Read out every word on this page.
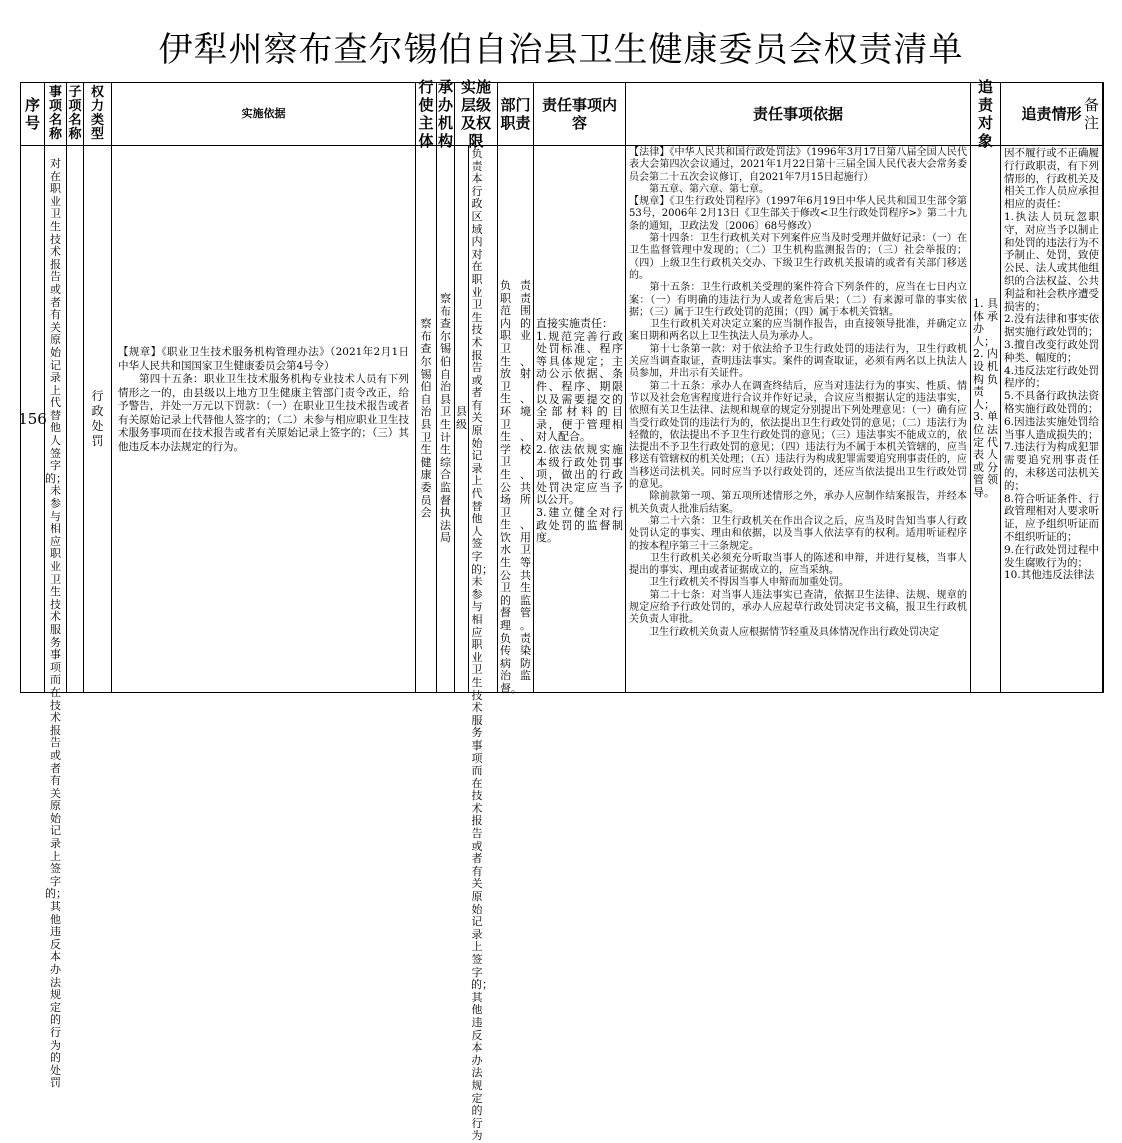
伊犁州察布查尔锡伯自治县卫生健康委员会权责清单
序号
156
事项名称
对在职业卫生技术报告或者有关原始记录上代替他人签字的；未参与相应职业卫生技术服务事项而在技术报告或者有关原始记录上签字的；其他违反本办法规定的行为的处罚
子项名称
权力类型
行政处罚
实施依据
【规章】《职业卫生技术服务机构管理办法》（2021年2月1日中华人民共和国国家卫生健康委员会第4号令）
第四十五条：职业卫生技术服务机构专业技术人员有下列情形之一的，由县级以上地方卫生健康主管部门责令改正，给予警告，并处一万元以下罚款：（一）在职业卫生技术报告或者有关原始记录上代替他人签字的；（二）未参与相应职业卫生技术服务事项而在技术报告或者有关原始记录上签字的；（三）其他违反本办法规定的行为。
行使主体
察布查尔锡伯自治县卫生健康委员会
承办机构
察布查尔锡伯自治县卫生计生综合监督执法局
实施层级及权限
县级
负责本行政区域内对在职业卫生技术报告或者有关原始记录上代替他人签字的；未参与相应职业卫生技术服务事项而在技术报告或者有关原始记录上签字的；其他违反本办法规定的行为
部门职责
负责职责范围内的职业卫生、放射卫生、环境卫生、学校卫生、公共场所卫生、饮用水卫生等公共卫生的监督管理。负责传染病防治监督。
责任事项内容
直接实施责任：
1.规范完善行政处罚标准、程序等具体规定；主动公示依据、条件、程序、期限以及需要提交的全部材料的目录，便于管理相对人配合。
2.依法依规实施本级行政处罚事项，做出的行政处罚决定应当予以公开。
3.建立健全对行政处罚的监督制度。
责任事项依据
【法律】《中华人民共和国行政处罚法》（1996年3月17日第八届全国人民代表大会第四次会议通过，2021年1月22日第十三届全国人民代表大会常务委员会第二十五次会议修订，自2021年7月15日起施行）
　　第五章、第六章、第七章。
【规章】《卫生行政处罚程序》（1997年6月19日中华人民共和国卫生部令第53号，2006年 2月13日《卫生部关于修改<卫生行政处罚程序>》第二十九条的通知，卫政法发〔2006〕68号修改）
　　第十四条：卫生行政机关对下列案件应当及时受理并做好记录：（一）在卫生监督管理中发现的；（二）卫生机构监测报告的；（三）社会举报的；（四）上级卫生行政机关交办、下级卫生行政机关报请的或者有关部门移送的。
　　第十五条：卫生行政机关受理的案件符合下列条件的，应当在七日内立案：（一）有明确的违法行为人或者危害后果；（二）有来源可靠的事实依据；（三）属于卫生行政处罚的范围；（四）属于本机关管辖。
　　卫生行政机关对决定立案的应当制作报告，由直接领导批准，并确定立案日期和两名以上卫生执法人员为承办人。
　　第十七条第一款：对于依法给予卫生行政处罚的违法行为，卫生行政机关应当调查取证，查明违法事实。案件的调查取证，必须有两名以上执法人员参加，并出示有关证件。
　　第二十五条：承办人在调查终结后，应当对违法行为的事实、性质、情节以及社会危害程度进行合议并作好记录，合议应当根据认定的违法事实，依照有关卫生法律、法规和规章的规定分别提出下列处理意见：（一）确有应当受行政处罚的违法行为的，依法提出卫生行政处罚的意见；（二）违法行为轻微的，依法提出不予卫生行政处罚的意见；（三）违法事实不能成立的，依法提出不予卫生行政处罚的意见；（四）违法行为不属于本机关管辖的，应当移送有管辖权的机关处理；（五）违法行为构成犯罪需要追究刑事责任的，应当移送司法机关。同时应当予以行政处罚的，还应当依法提出卫生行政处罚的意见。
　　除前款第一项、第五项所述情形之外，承办人应制作结案报告，并经本机关负责人批准后结案。
　　第二十六条：卫生行政机关在作出合议之后，应当及时告知当事人行政处罚认定的事实、理由和依据，以及当事人依法享有的权利。适用听证程序的按本程序第三十三条规定。
　　卫生行政机关必须充分听取当事人的陈述和申辩，并进行复核，当事人提出的事实、理由或者证据成立的，应当采纳。
　　卫生行政机关不得因当事人申辩而加重处罚。
　　第二十七条：对当事人违法事实已查清，依据卫生法律、法规、规章的规定应给予行政处罚的，承办人应起草行政处罚决定书文稿，报卫生行政机关负责人审批。
　　卫生行政机关负责人应根据情节轻重及具体情况作出行政处罚决定
追责对象
1.具体承办人；
2.内设机构负责人；
3.单位法定代表人或分管领导。
追责情形
因不履行或不正确履行行政职责，有下列情形的，行政机关及相关工作人员应承担相应的责任：
1.执法人员玩忽职守，对应当予以制止和处罚的违法行为不予制止、处罚，致使公民、法人或其他组织的合法权益、公共利益和社会秩序遭受损害的；
2.没有法律和事实依据实施行政处罚的；
3.擅自改变行政处罚种类、幅度的；
4.违反法定行政处罚程序的；
5.不具备行政执法资格实施行政处罚的；
6.因违法实施处罚给当事人造成损失的；
7.违法行为构成犯罪需要追究刑事责任的，未移送司法机关的；
8.符合听证条件、行政管理相对人要求听证，应予组织听证而不组织听证的；
9.在行政处罚过程中发生腐败行为的；
10.其他违反法律法
备注
